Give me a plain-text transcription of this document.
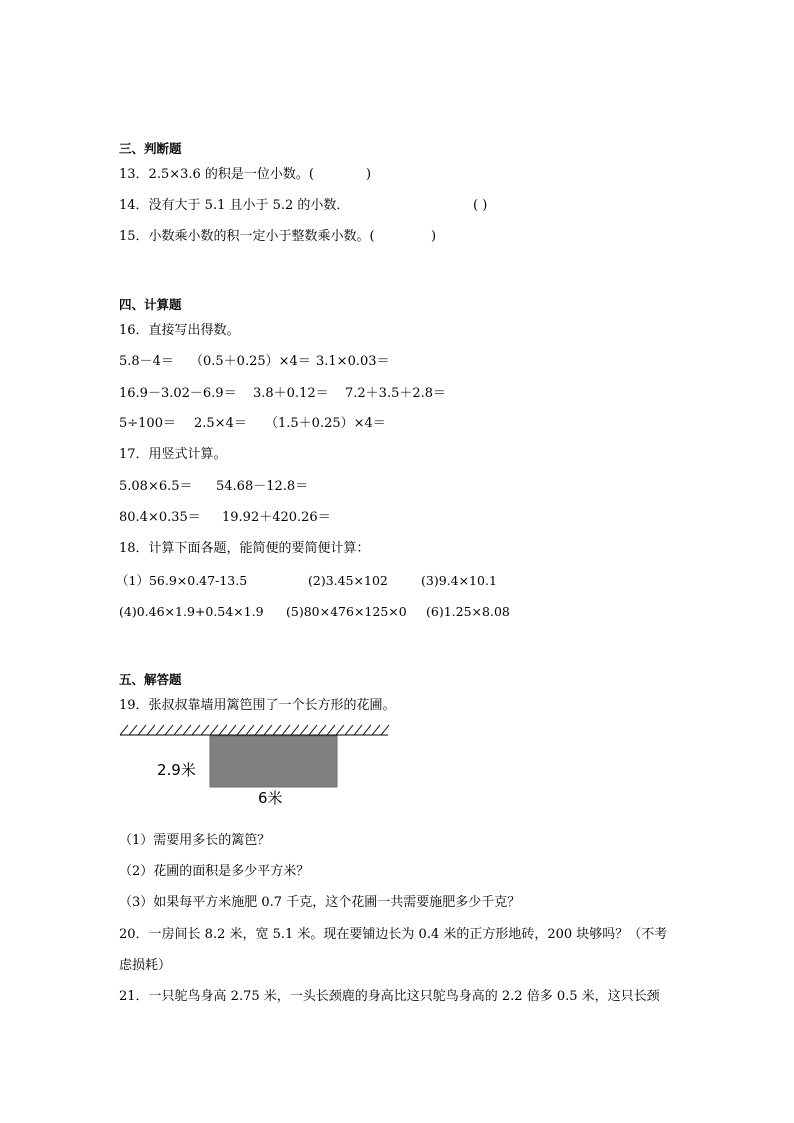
三、判断题
13．2.5×3.6 的积是一位小数。(	)
14．没有大于 5.1 且小于 5.2 的小数．	( )
15．小数乘小数的积一定小于整数乘小数。(	)
四、计算题
16．直接写出得数。
5.8－4＝ （0.5＋0.25）×4＝ 3.1×0.03＝
16.9－3.02－6.9＝ 3.8＋0.12＝ 7.2＋3.5＋2.8＝
5÷100＝ 2.5×4＝ （1.5＋0.25）×4＝
17．用竖式计算。
5.08×6.5＝ 54.68－12.8＝
80.4×0.35＝ 19.92＋420.26＝
18．计算下面各题，能简便的要简便计算：
（1）56.9×0.47-13.5	(2)3.45×102	(3)9.4×10.1
(4)0.46×1.9+0.54×1.9 (5)80×476×125×0 (6)1.25×8.08
五、解答题
19．张叔叔靠墙用篱笆围了一个长方形的花圃。
2.9米
6米
（1）需要用多长的篱笆？
（2）花圃的面积是多少平方米？
（3）如果每平方米施肥 0.7 千克，这个花圃一共需要施肥多少千克？
20．一房间长 8.2 米，宽 5.1 米。现在要铺边长为 0.4 米的正方形地砖，200 块够吗？（不考
虑损耗）
21．一只鸵鸟身高 2.75 米，一头长颈鹿的身高比这只鸵鸟身高的 2.2 倍多 0.5 米，这只长颈
